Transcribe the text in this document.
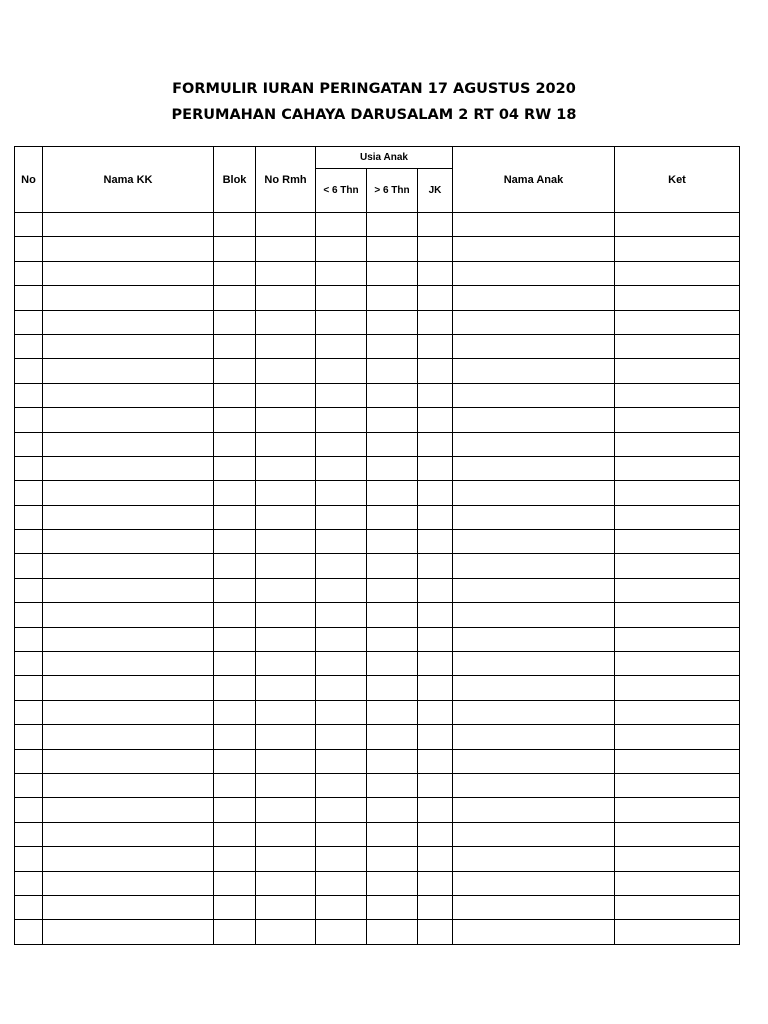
FORMULIR IURAN PERINGATAN 17 AGUSTUS 2020
PERUMAHAN CAHAYA DARUSALAM 2 RT 04 RW 18
No	Nama KK	Blok	No Rmh	Usia Anak			Nama Anak	Ket
				< 6 Thn	> 6 Thn	JK		
